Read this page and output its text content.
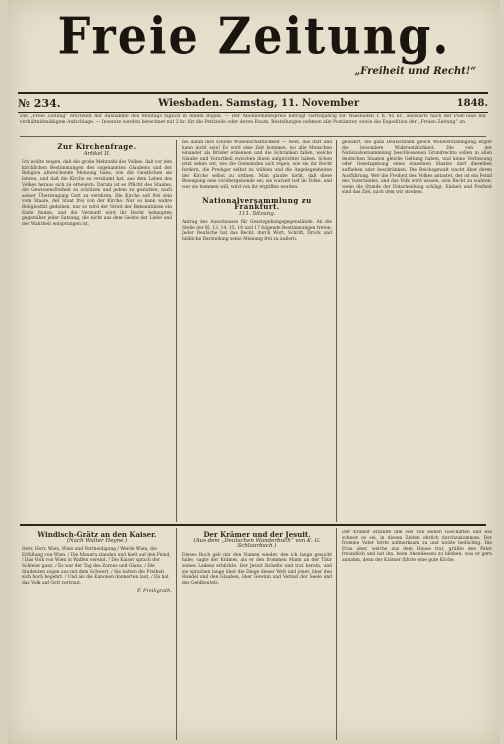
Freie Zeitung.
„Freiheit und Recht!“
№ 234.	Wiesbaden. Samstag, 11. November	1848.
Die „Freie Zeitung“ erscheint mit Ausnahme des Montags täglich in einem Bogen. — Der Abonnementspreis beträgt vierteljährig für Wiesbaden 1 fl. 45 kr., auswärts nach der Post-Taxe mit verhältnißmäßigem Aufschlage. — Inserate werden berechnet mit 3 kr. für die Petitzeile oder deren Raum. Bestellungen nehmen alle Postämter, sowie die Expedition der „Freien Zeitung“ an.
Zur Kirchenfrage.
Artikel II.
Ich wollte zeigen, daß die große Mehrzahl des Volkes, daß vor den kirchlichen Bestimmungen des sogenannten Glaubens und der Religion abweichende Meinung habe, wie die Geistlichen sie lehren, und daß die Kirche es versäumt hat, aus dem Leben des Volkes heraus sich zu erneuern. Darum ist es Pflicht des Staates, die Gewissensfreiheit zu schützen und jedem zu gestatten, nach seiner Überzeugung Gott zu verehren. Die Kirche soll frei sein vom Staate, der Staat frei von der Kirche. Nur so kann wahre Religiosität gedeihen, nur so wird der Streit der Bekenntnisse ein Ende finden, und die Vernunft wird ihr Recht behaupten gegenüber jeder Satzung, die nicht aus dem Geiste der Liebe und der Wahrheit entsprungen ist.
bis dahin ihre schöne Wissenschaftlichkeit — Nein, das darf und kann nicht sein! Es wird eine Zeit kommen, wo alle Menschen einander als Brüder erkennen und die Schranken fallen, welche Glaube und Vorurtheil zwischen ihnen aufgerichtet haben. Schon jetzt sehen wir, wie die Gemeinden sich regen, wie sie ihr Recht fordern, die Prediger selbst zu wählen und die Angelegenheiten der Kirche selbst zu ordnen. Man glaube nicht, daß diese Bewegung eine vorübergehende sei; sie wurzelt tief im Volke, und wer sie hemmen will, wird von ihr ergriffen werden.
Nationalversammlung zu Frankfurt.
111. Sitzung.
Antrag des Ausschusses für Gesetzgebungsgegenstände. An die Stelle der §§. 13, 14, 15, 16 und 17 folgende Bestimmungen treten: Jeder Deutsche hat das Recht, durch Wort, Schrift, Druck und bildliche Darstellung seine Meinung frei zu äußern.
gewährt, die ganz Deutschland gleich Wohlverständigung ergibt die besondere Widersetzlichkeit. Die von der Nationalversammlung beschlossenen Grundrechte sollen in allen deutschen Staaten gleiche Geltung haben, und keine Verfassung oder Gesetzgebung eines einzelnen Staates darf dieselben aufheben oder beschränken. Die Reichsgewalt wacht über deren Ausführung. Wer die Freiheit des Volkes antastet, der ist ein Feind des Vaterlandes, und das Volk wird wissen, sein Recht zu wahren, wenn die Stunde der Entscheidung schlägt. Einheit und Freiheit sind das Ziel, nach dem wir streben.
Windisch-Grätz an den Kaiser.
(Nach Walter Heyne.)
Herr, Herr, Wien, Wien und Vertheidigung / Werde Wien, die Erfüllung von Wien. / Die Mauern standen und hielt auf den Feind, / Das Volk von Wien in Waffen vereint. / Die Kaiser sprach der Schleier ganz, / Es war der Tag des Zornes und Glanz. / Die Studenten zogen aus mit dem Schwert, / Sie hatten die Freiheit sich hoch begehrt. / Und als die Kanonen donnerten laut, / Da hat das Volk auf Gott vertraut.
F. Freiligrath.
Der Krämer und der Jesuit.
(Aus dem „Deutschen Wanderbuch“ von K. G. Schlaurbach.)
Dieses Buch geb mir den Namen wieder, den ich lange gesucht habe, sagte der Krämer, als er den frommen Mann an der Thür seines Ladens erblickte. Der Jesuit lächelte und trat herein, und sie sprachen lange über die Dinge dieser Welt und jener, über den Handel und den Glauben, über Gewinn und Verlust der Seele und des Geldbeutels.
Der Krämer erzählte ihm viel von seinen Geschäften und wie schwer es sei, in diesen Zeiten ehrlich durchzukommen. Der fromme Vater hörte aufmerksam zu und nickte bedächtig. Die Frau aber, welche aus dem Hause trat, grüßte den Pater freundlich und bat ihn, beim Abendessen zu bleiben, was er gern annahm, denn der Krämer führte eine gute Küche.
